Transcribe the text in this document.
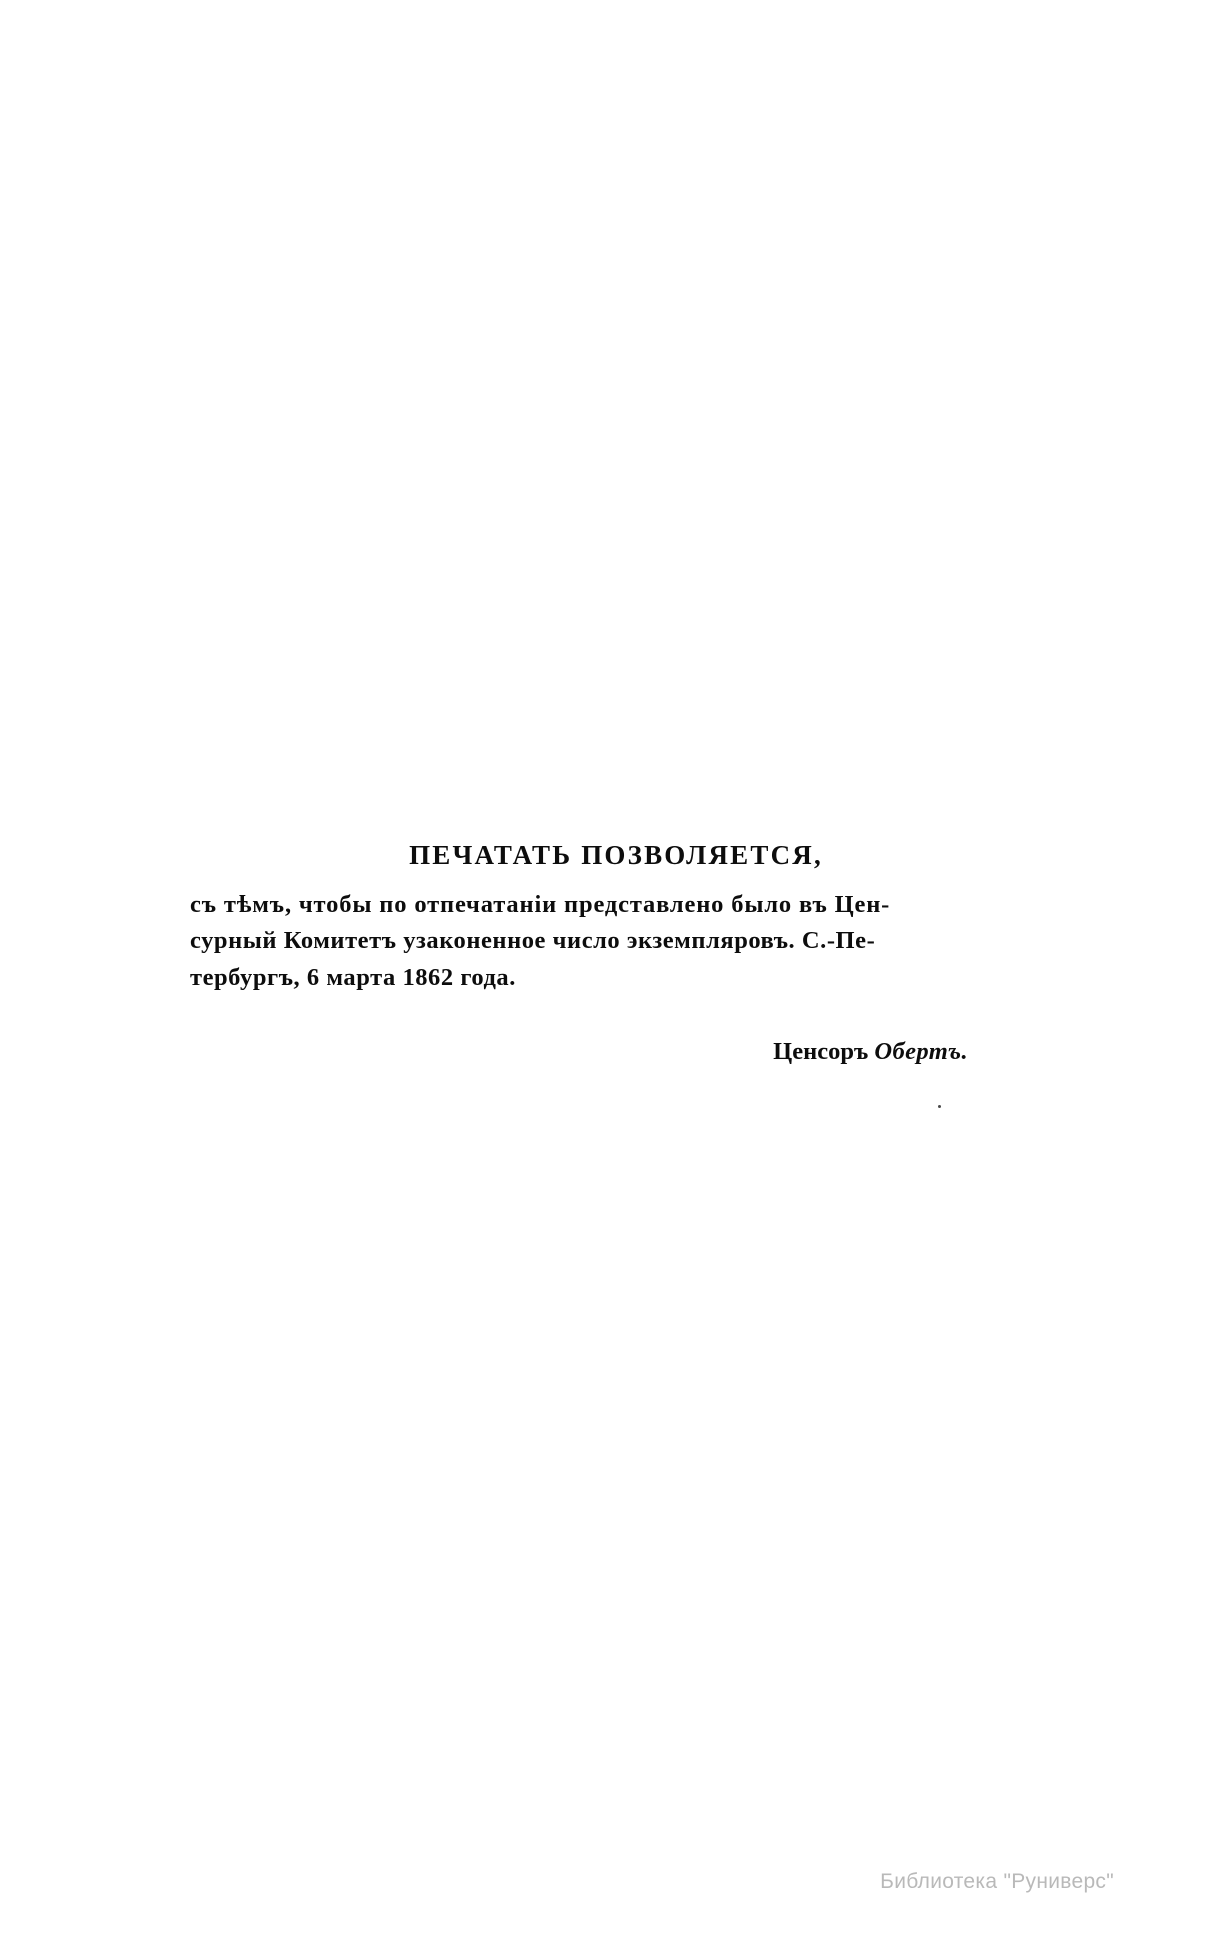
ПЕЧАТАТЬ ПОЗВОЛЯЕТСЯ,
съ тѣмъ, чтобы по отпечатаніи представлено было въ Цен-
сурный Комитетъ узаконенное число экземпляровъ. С.-Пе-
тербургъ, 6 марта 1862 года.
Ценсоръ Обертъ.
Библиотека "Руниверс"
